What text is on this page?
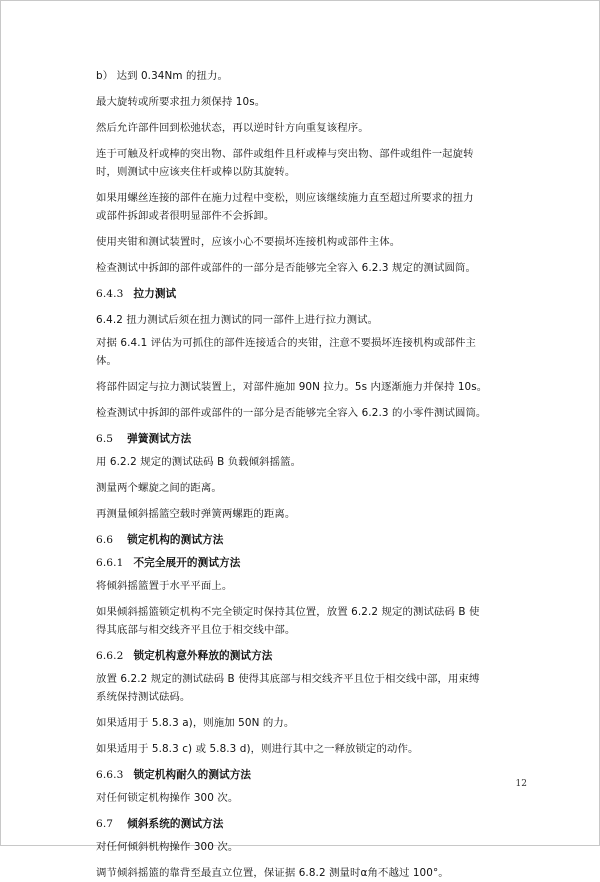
b） 达到 0.34Nm 的扭力。

最大旋转或所要求扭力须保持 10s。

然后允许部件回到松弛状态，再以逆时针方向重复该程序。

连于可触及杆或棒的突出物、部件或组件且杆或棒与突出物、部件或组件一起旋转

时，则测试中应该夹住杆或棒以防其旋转。

如果用螺丝连接的部件在施力过程中变松，则应该继续施力直至超过所要求的扭力

或部件拆卸或者很明显部件不会拆卸。

使用夹钳和测试装置时，应该小心不要损坏连接机构或部件主体。

检查测试中拆卸的部件或部件的一部分是否能够完全容入 6.2.3 规定的测试圆筒。

6.4.3 拉力测试

6.4.2 扭力测试后须在扭力测试的同一部件上进行拉力测试。

对据 6.4.1 评估为可抓住的部件连接适合的夹钳，注意不要损坏连接机构或部件主

体。

将部件固定与拉力测试装置上，对部件施加 90N 拉力。5s 内逐渐施力并保持 10s。

检查测试中拆卸的部件或部件的一部分是否能够完全容入 6.2.3 的小零件测试圆筒。

6.5 弹簧测试方法

用 6.2.2 规定的测试砝码 B 负载倾斜摇篮。

测量两个螺旋之间的距离。

再测量倾斜摇篮空载时弹簧两螺距的距离。

6.6 锁定机构的测试方法

6.6.1 不完全展开的测试方法

将倾斜摇篮置于水平平面上。

如果倾斜摇篮锁定机构不完全锁定时保持其位置，放置 6.2.2 规定的测试砝码 B 使

得其底部与相交线齐平且位于相交线中部。

6.6.2 锁定机构意外释放的测试方法

放置 6.2.2 规定的测试砝码 B 使得其底部与相交线齐平且位于相交线中部，用束缚

系统保持测试砝码。

如果适用于 5.8.3 a)，则施加 50N 的力。

如果适用于 5.8.3 c) 或 5.8.3 d)，则进行其中之一释放锁定的动作。

6.6.3 锁定机构耐久的测试方法

对任何锁定机构操作 300 次。

6.7 倾斜系统的测试方法

对任何倾斜机构操作 300 次。

调节倾斜摇篮的靠背至最直立位置，保证据 6.8.2 测量时α角不越过 100°。

12
